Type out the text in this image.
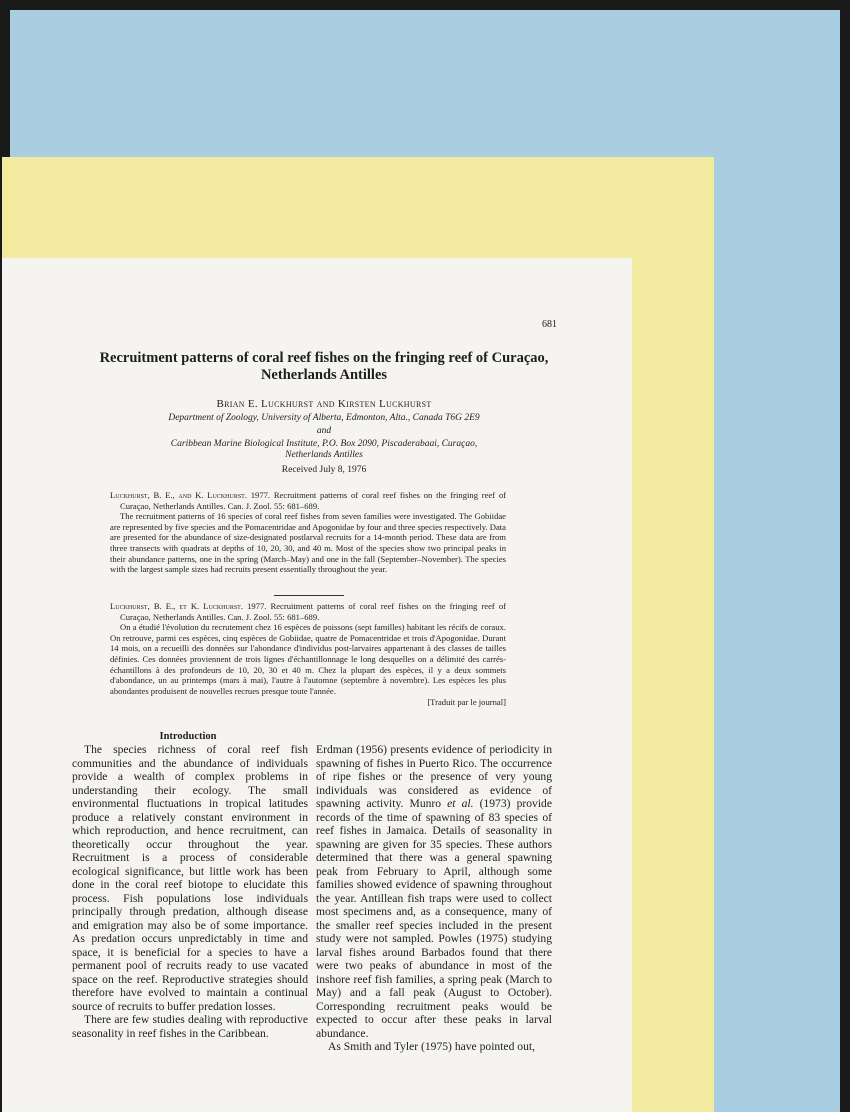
681
Recruitment patterns of coral reef fishes on the fringing reef of Curaçao,
Netherlands Antilles
Brian E. Luckhurst and Kirsten Luckhurst
Department of Zoology, University of Alberta, Edmonton, Alta., Canada T6G 2E9
and
Caribbean Marine Biological Institute, P.O. Box 2090, Piscaderabaai, Curaçao,
Netherlands Antilles
Received July 8, 1976

Luckhurst, B. E., and K. Luckhurst. 1977. Recruitment patterns of coral reef fishes on the fringing reef of Curaçao, Netherlands Antilles. Can. J. Zool. 55: 681–689.

The recruitment patterns of 16 species of coral reef fishes from seven families were investigated. The Gobiidae are represented by five species and the Pomacentridae and Apogonidae by four and three species respectively. Data are presented for the abundance of size-designated postlarval recruits for a 14-month period. These data are from three transects with quadrats at depths of 10, 20, 30, and 40 m. Most of the species show two principal peaks in their abundance patterns, one in the spring (March–May) and one in the fall (September–November). The species with the largest sample sizes had recruits present essentially throughout the year.

Luckhurst, B. E., et K. Luckhurst. 1977. Recruitment patterns of coral reef fishes on the fringing reef of Curaçao, Netherlands Antilles. Can. J. Zool. 55: 681–689.

On a étudié l'évolution du recrutement chez 16 espèces de poissons (sept familles) habitant les récifs de coraux. On retrouve, parmi ces espèces, cinq espèces de Gobiidae, quatre de Pomacentridae et trois d'Apogonidae. Durant 14 mois, on a recueilli des données sur l'abondance d'individus post-larvaires appartenant à des classes de tailles définies. Ces données proviennent de trois lignes d'échantillonnage le long desquelles on a délimité des carrés-échantillons à des profondeurs de 10, 20, 30 et 40 m. Chez la plupart des espèces, il y a deux sommets d'abondance, un au printemps (mars à mai), l'autre à l'automne (septembre à novembre). Les espèces les plus abondantes produisent de nouvelles recrues presque toute l'année.

[Traduit par le journal]

Introduction

The species richness of coral reef fish communities and the abundance of individuals provide a wealth of complex problems in understanding their ecology. The small environmental fluctuations in tropical latitudes produce a relatively constant environment in which reproduction, and hence recruitment, can theoretically occur throughout the year. Recruitment is a process of considerable ecological significance, but little work has been done in the coral reef biotope to elucidate this process. Fish populations lose individuals principally through predation, although disease and emigration may also be of some importance. As predation occurs unpredictably in time and space, it is beneficial for a species to have a permanent pool of recruits ready to use vacated space on the reef. Reproductive strategies should therefore have evolved to maintain a continual source of recruits to buffer predation losses.

There are few studies dealing with reproductive seasonality in reef fishes in the Caribbean.

Erdman (1956) presents evidence of periodicity in spawning of fishes in Puerto Rico. The occurrence of ripe fishes or the presence of very young individuals was considered as evidence of spawning activity. Munro et al. (1973) provide records of the time of spawning of 83 species of reef fishes in Jamaica. Details of seasonality in spawning are given for 35 species. These authors determined that there was a general spawning peak from February to April, although some families showed evidence of spawning throughout the year. Antillean fish traps were used to collect most specimens and, as a consequence, many of the smaller reef species included in the present study were not sampled. Powles (1975) studying larval fishes around Barbados found that there were two peaks of abundance in most of the inshore reef fish families, a spring peak (March to May) and a fall peak (August to October). Corresponding recruitment peaks would be expected to occur after these peaks in larval abundance.

As Smith and Tyler (1975) have pointed out,
